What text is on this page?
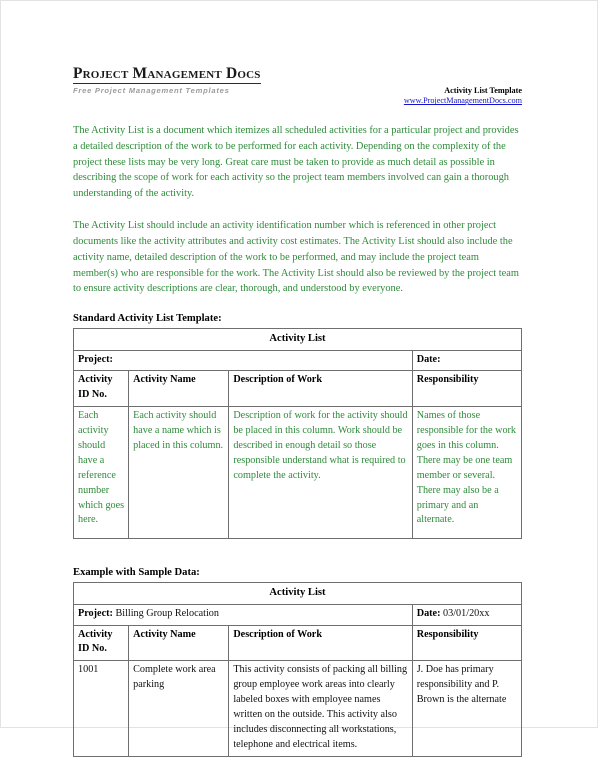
Project Management Docs
Free Project Management Templates	Activity List Template
www.ProjectManagementDocs.com

The Activity List is a document which itemizes all scheduled activities for a particular project and provides a detailed description of the work to be performed for each activity. Depending on the complexity of the project these lists may be very long. Great care must be taken to provide as much detail as possible in describing the scope of work for each activity so the project team members involved can gain a thorough understanding of the activity.

The Activity List should include an activity identification number which is referenced in other project documents like the activity attributes and activity cost estimates. The Activity List should also include the activity name, detailed description of the work to be performed, and may include the project team member(s) who are responsible for the work. The Activity List should also be reviewed by the project team to ensure activity descriptions are clear, thorough, and understood by everyone.

Standard Activity List Template:
Activity List			
Project:			Date:
Activity ID No.	Activity Name	Description of Work	Responsibility
Each activity should have a reference number which goes here.	Each activity should have a name which is placed in this column.	Description of work for the activity should be placed in this column. Work should be described in enough detail so those responsible understand what is required to complete the activity.	Names of those responsible for the work goes in this column. There may be one team member or several. There may also be a primary and an alternate.
Example with Sample Data:
Activity List			
Project: Billing Group Relocation			Date: 03/01/20xx
Activity ID No.	Activity Name	Description of Work	Responsibility
1001	Complete work area parking	This activity consists of packing all billing group employee work areas into clearly labeled boxes with employee names written on the outside. This activity also includes disconnecting all workstations, telephone and electrical items.	J. Doe has primary responsibility and P. Brown is the alternate
